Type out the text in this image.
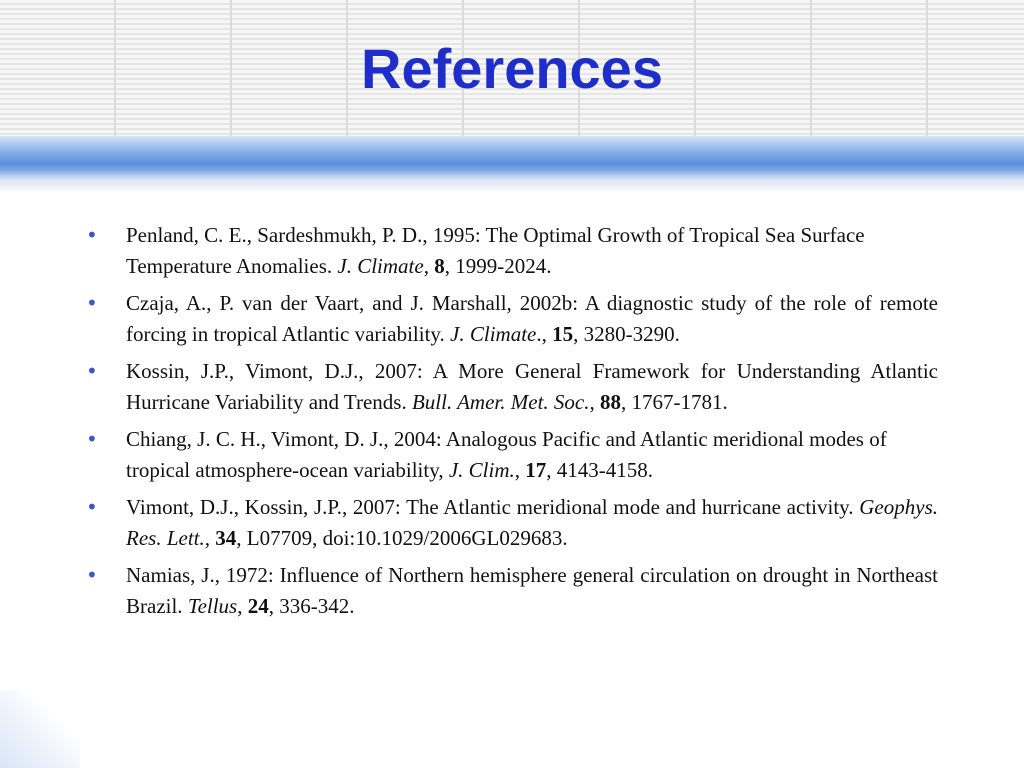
References
• Penland, C. E., Sardeshmukh, P. D., 1995: The Optimal Growth of Tropical Sea Surface Temperature Anomalies. J. Climate, 8, 1999-2024.
• Czaja, A., P. van der Vaart, and J. Marshall, 2002b: A diagnostic study of the role of remote forcing in tropical Atlantic variability. J. Climate., 15, 3280-3290.
• Kossin, J.P., Vimont, D.J., 2007: A More General Framework for Understanding Atlantic Hurricane Variability and Trends. Bull. Amer. Met. Soc., 88, 1767-1781.
• Chiang, J. C. H., Vimont, D. J., 2004: Analogous Pacific and Atlantic meridional modes of tropical atmosphere-ocean variability, J. Clim., 17, 4143-4158.
• Vimont, D.J., Kossin, J.P., 2007: The Atlantic meridional mode and hurricane activity. Geophys. Res. Lett., 34, L07709, doi:10.1029/2006GL029683.
• Namias, J., 1972: Influence of Northern hemisphere general circulation on drought in Northeast Brazil. Tellus, 24, 336-342.
